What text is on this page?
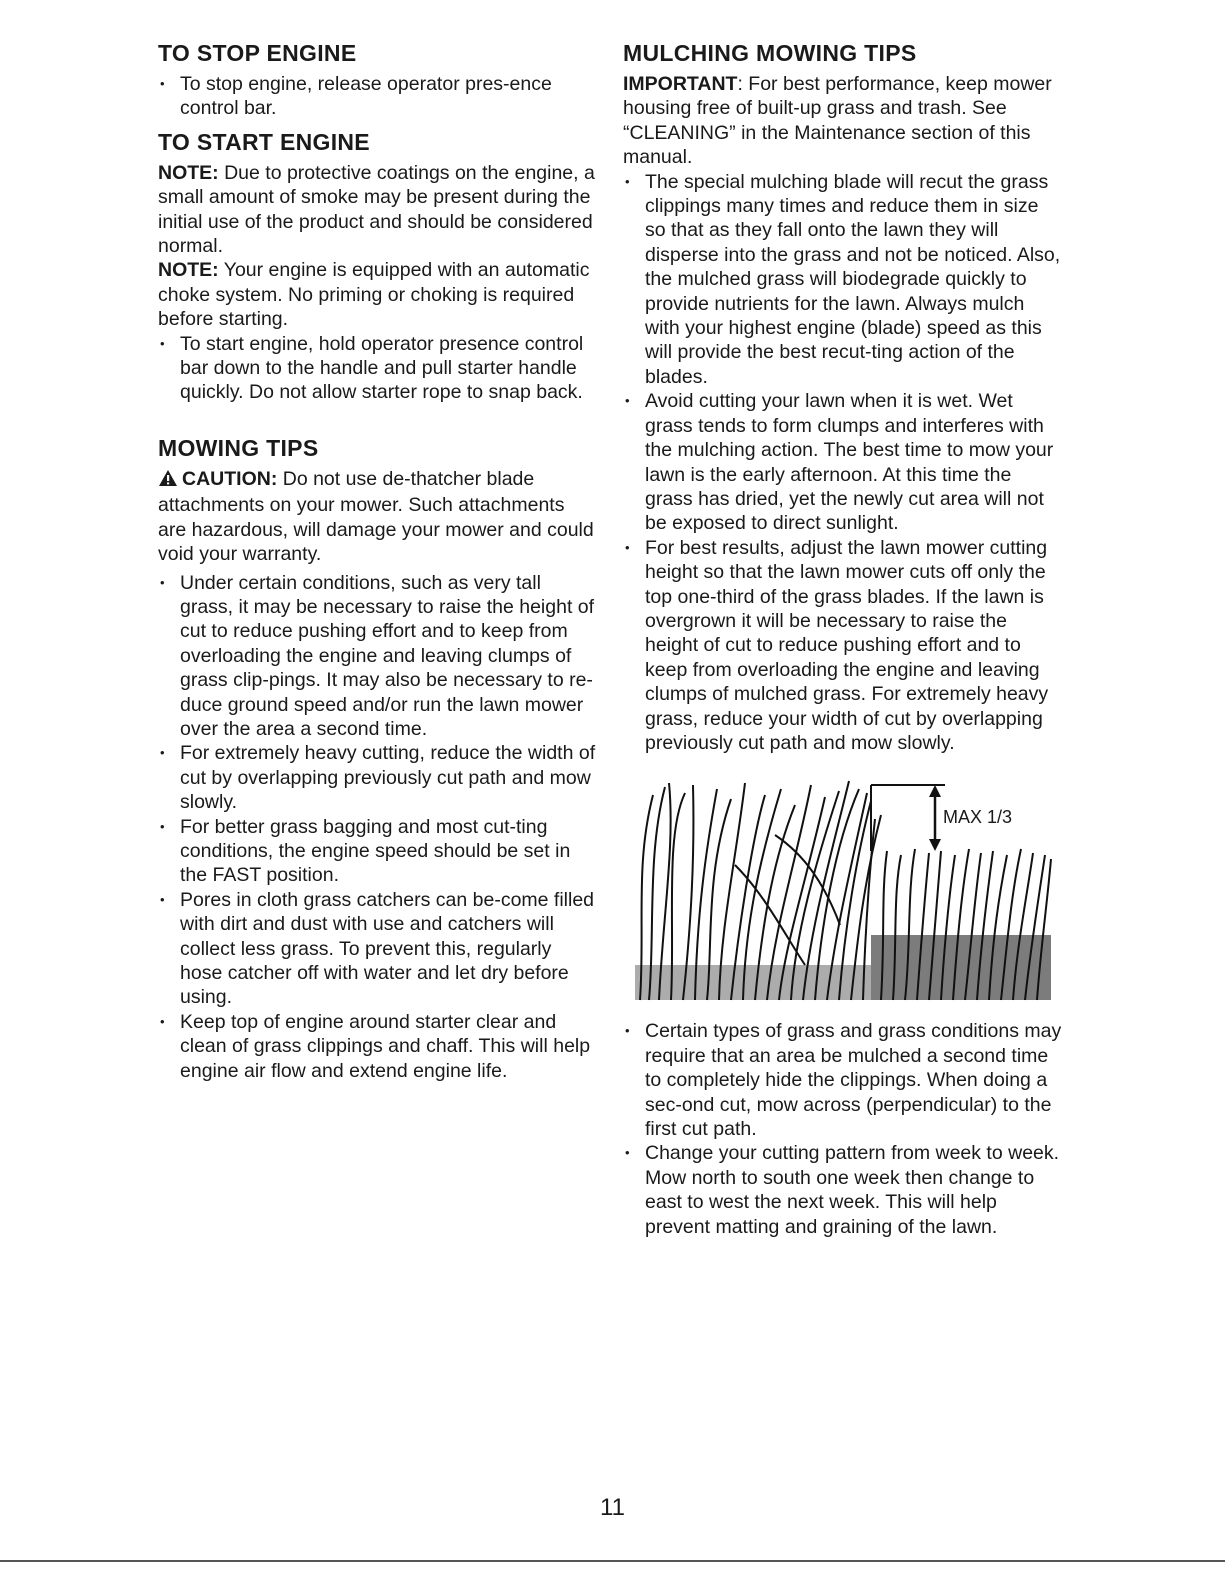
TO STOP ENGINE
• To stop engine, release operator pres-ence control bar.
TO START ENGINE

NOTE: Due to protective coatings on the engine, a small amount of smoke may be present during the initial use of the product and should be considered normal.

NOTE: Your engine is equipped with an automatic choke system. No priming or choking is required before starting.

• To start engine, hold operator presence control bar down to the handle and pull starter handle quickly. Do not allow starter rope to snap back.
MOWING TIPS

CAUTION: Do not use de-thatcher blade attachments on your mower. Such attachments are hazardous, will damage your mower and could void your warranty.

• Under certain conditions, such as very tall grass, it may be necessary to raise the height of cut to reduce pushing effort and to keep from overloading the engine and leaving clumps of grass clip-pings. It may also be necessary to re-duce ground speed and/or run the lawn mower over the area a second time.
• For extremely heavy cutting, reduce the width of cut by overlapping previously cut path and mow slowly.
• For better grass bagging and most cut-ting conditions, the engine speed should be set in the FAST position.
• Pores in cloth grass catchers can be-come filled with dirt and dust with use and catchers will collect less grass. To prevent this, regularly hose catcher off with water and let dry before using.
• Keep top of engine around starter clear and clean of grass clippings and chaff. This will help engine air flow and extend engine life.
MULCHING MOWING TIPS

IMPORTANT: For best performance, keep mower housing free of built-up grass and trash. See “CLEANING” in the Maintenance section of this manual.

• The special mulching blade will recut the grass clippings many times and reduce them in size so that as they fall onto the lawn they will disperse into the grass and not be noticed. Also, the mulched grass will biodegrade quickly to provide nutrients for the lawn. Always mulch with your highest engine (blade) speed as this will provide the best recut-ting action of the blades.
• Avoid cutting your lawn when it is wet. Wet grass tends to form clumps and interferes with the mulching action. The best time to mow your lawn is the early afternoon. At this time the grass has dried, yet the newly cut area will not be exposed to direct sunlight.
• For best results, adjust the lawn mower cutting height so that the lawn mower cuts off only the top one-third of the grass blades. If the lawn is overgrown it will be necessary to raise the height of cut to reduce pushing effort and to keep from overloading the engine and leaving clumps of mulched grass. For extremely heavy grass, reduce your width of cut by overlapping previously cut path and mow slowly.
MAX 1/3
• Certain types of grass and grass conditions may require that an area be mulched a second time to completely hide the clippings. When doing a sec-ond cut, mow across (perpendicular) to the first cut path.
• Change your cutting pattern from week to week. Mow north to south one week then change to east to west the next week. This will help prevent matting and graining of the lawn.
11
